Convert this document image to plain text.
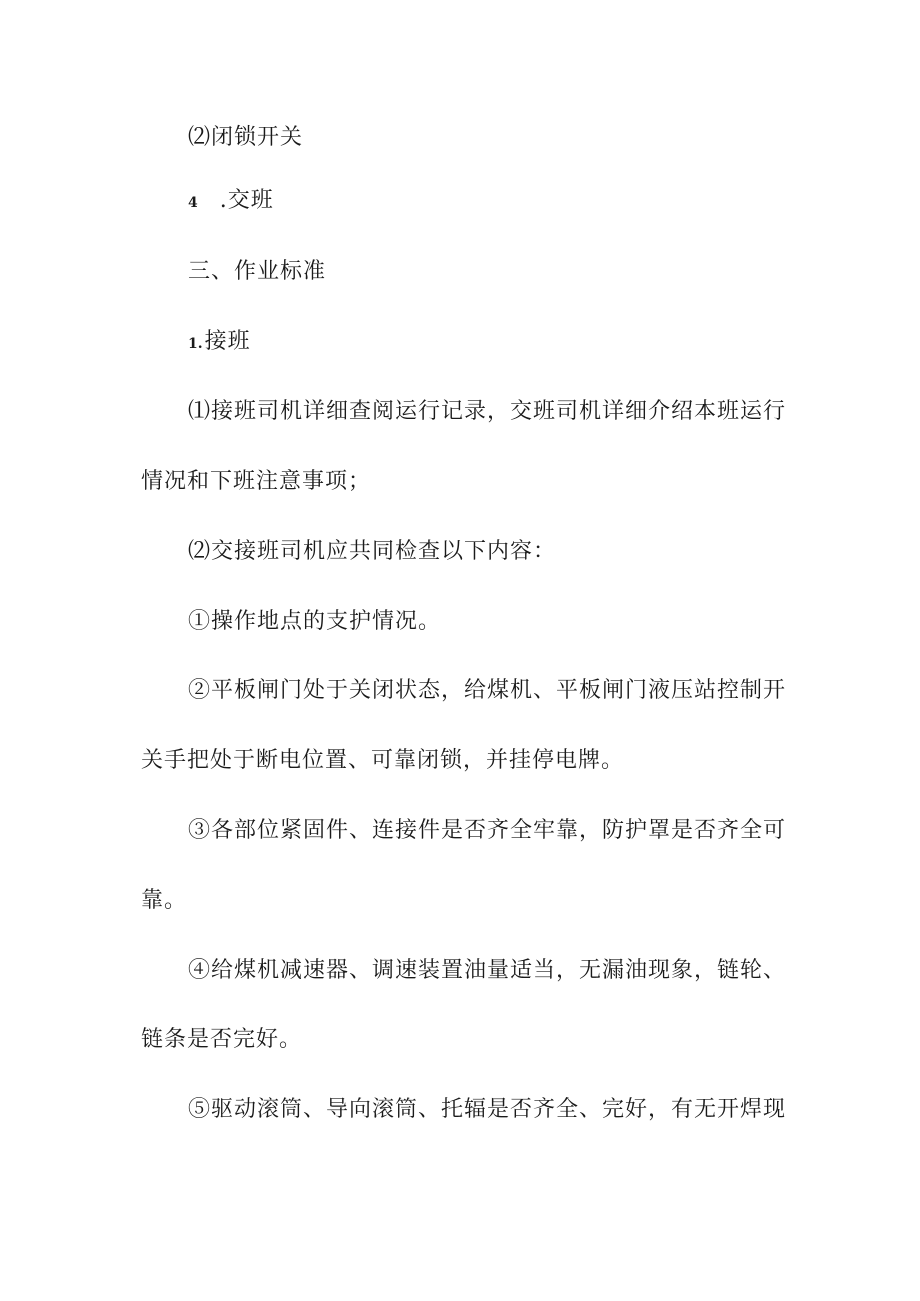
⑵闭锁开关
4 .交班
三、作业标准
1.接班
⑴接班司机详细查阅运行记录，交班司机详细介绍本班运行
情况和下班注意事项；
⑵交接班司机应共同检查以下内容：
①操作地点的支护情况。
②平板闸门处于关闭状态，给煤机、平板闸门液压站控制开
关手把处于断电位置、可靠闭锁，并挂停电牌。
③各部位紧固件、连接件是否齐全牢靠，防护罩是否齐全可
靠。
④给煤机减速器、调速装置油量适当，无漏油现象，链轮、
链条是否完好。
⑤驱动滚筒、导向滚筒、托辐是否齐全、完好，有无开焊现
